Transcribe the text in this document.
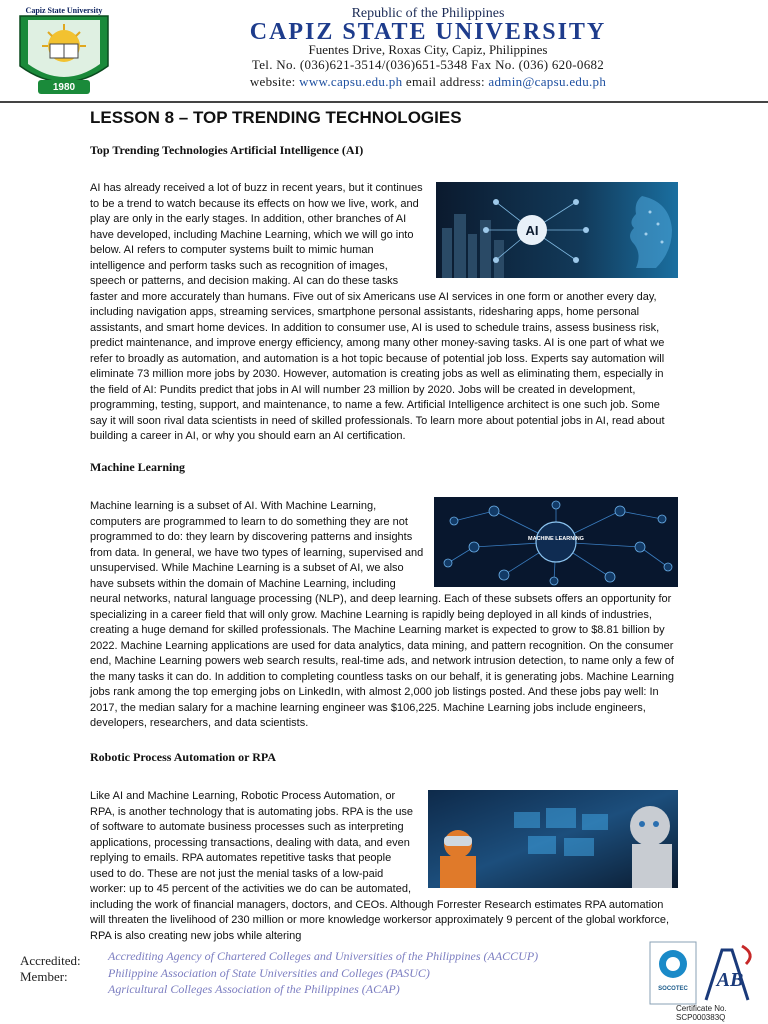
Capiz State University
1980
Republic of the Philippines
CAPIZ STATE UNIVERSITY
Fuentes Drive, Roxas City, Capiz, Philippines
Tel. No. (036)621-3514/(036)651-5348 Fax No. (036) 620-0682
website: www.capsu.edu.ph email address: admin@capsu.edu.ph
LESSON 8 – TOP TRENDING TECHNOLOGIES
Top Trending Technologies Artificial Intelligence (AI)
AI
AI has already received a lot of buzz in recent years, but it continues to be a trend to watch because its effects on how we live, work, and play are only in the early stages. In addition, other branches of AI have developed, including Machine Learning, which we will go into below. AI refers to computer systems built to mimic human intelligence and perform tasks such as recognition of images, speech or patterns, and decision making. AI can do these tasks faster and more accurately than humans. Five out of six Americans use AI services in one form or another every day, including navigation apps, streaming services, smartphone personal assistants, ridesharing apps, home personal assistants, and smart home devices. In addition to consumer use, AI is used to schedule trains, assess business risk, predict maintenance, and improve energy efficiency, among many other money-saving tasks. AI is one part of what we refer to broadly as automation, and automation is a hot topic because of potential job loss. Experts say automation will eliminate 73 million more jobs by 2030. However, automation is creating jobs as well as eliminating them, especially in the field of AI: Pundits predict that jobs in AI will number 23 million by 2020. Jobs will be created in development, programming, testing, support, and maintenance, to name a few. Artificial Intelligence architect is one such job. Some say it will soon rival data scientists in need of skilled professionals. To learn more about potential jobs in AI, read about building a career in AI, or why you should earn an AI certification.
Machine Learning
MACHINE LEARNING
Machine learning is a subset of AI. With Machine Learning, computers are programmed to learn to do something they are not programmed to do: they learn by discovering patterns and insights from data. In general, we have two types of learning, supervised and unsupervised. While Machine Learning is a subset of AI, we also have subsets within the domain of Machine Learning, including neural networks, natural language processing (NLP), and deep learning. Each of these subsets offers an opportunity for specializing in a career field that will only grow. Machine Learning is rapidly being deployed in all kinds of industries, creating a huge demand for skilled professionals. The Machine Learning market is expected to grow to $8.81 billion by 2022. Machine Learning applications are used for data analytics, data mining, and pattern recognition. On the consumer end, Machine Learning powers web search results, real-time ads, and network intrusion detection, to name only a few of the many tasks it can do. In addition to completing countless tasks on our behalf, it is generating jobs. Machine Learning jobs rank among the top emerging jobs on LinkedIn, with almost 2,000 job listings posted. And these jobs pay well: In 2017, the median salary for a machine learning engineer was $106,225. Machine Learning jobs include engineers, developers, researchers, and data scientists.
Robotic Process Automation or RPA
Like AI and Machine Learning, Robotic Process Automation, or RPA, is another technology that is automating jobs. RPA is the use of software to automate business processes such as interpreting applications, processing transactions, dealing with data, and even replying to emails. RPA automates repetitive tasks that people used to do. These are not just the menial tasks of a low-paid worker: up to 45 percent of the activities we do can be automated, including the work of financial managers, doctors, and CEOs. Although Forrester Research estimates RPA automation will threaten the livelihood of 230 million or more knowledge workersor approximately 9 percent of the global workforce, RPA is also creating new jobs while altering
Accredited:
Member:
Accrediting Agency of Chartered Colleges and Universities of the Philippines (AACCUP)
Philippine Association of State Universities and Colleges (PASUC)
Agricultural Colleges Association of the Philippines (ACAP)	SOCOTEC AB
Certificate No. SCP000383Q
